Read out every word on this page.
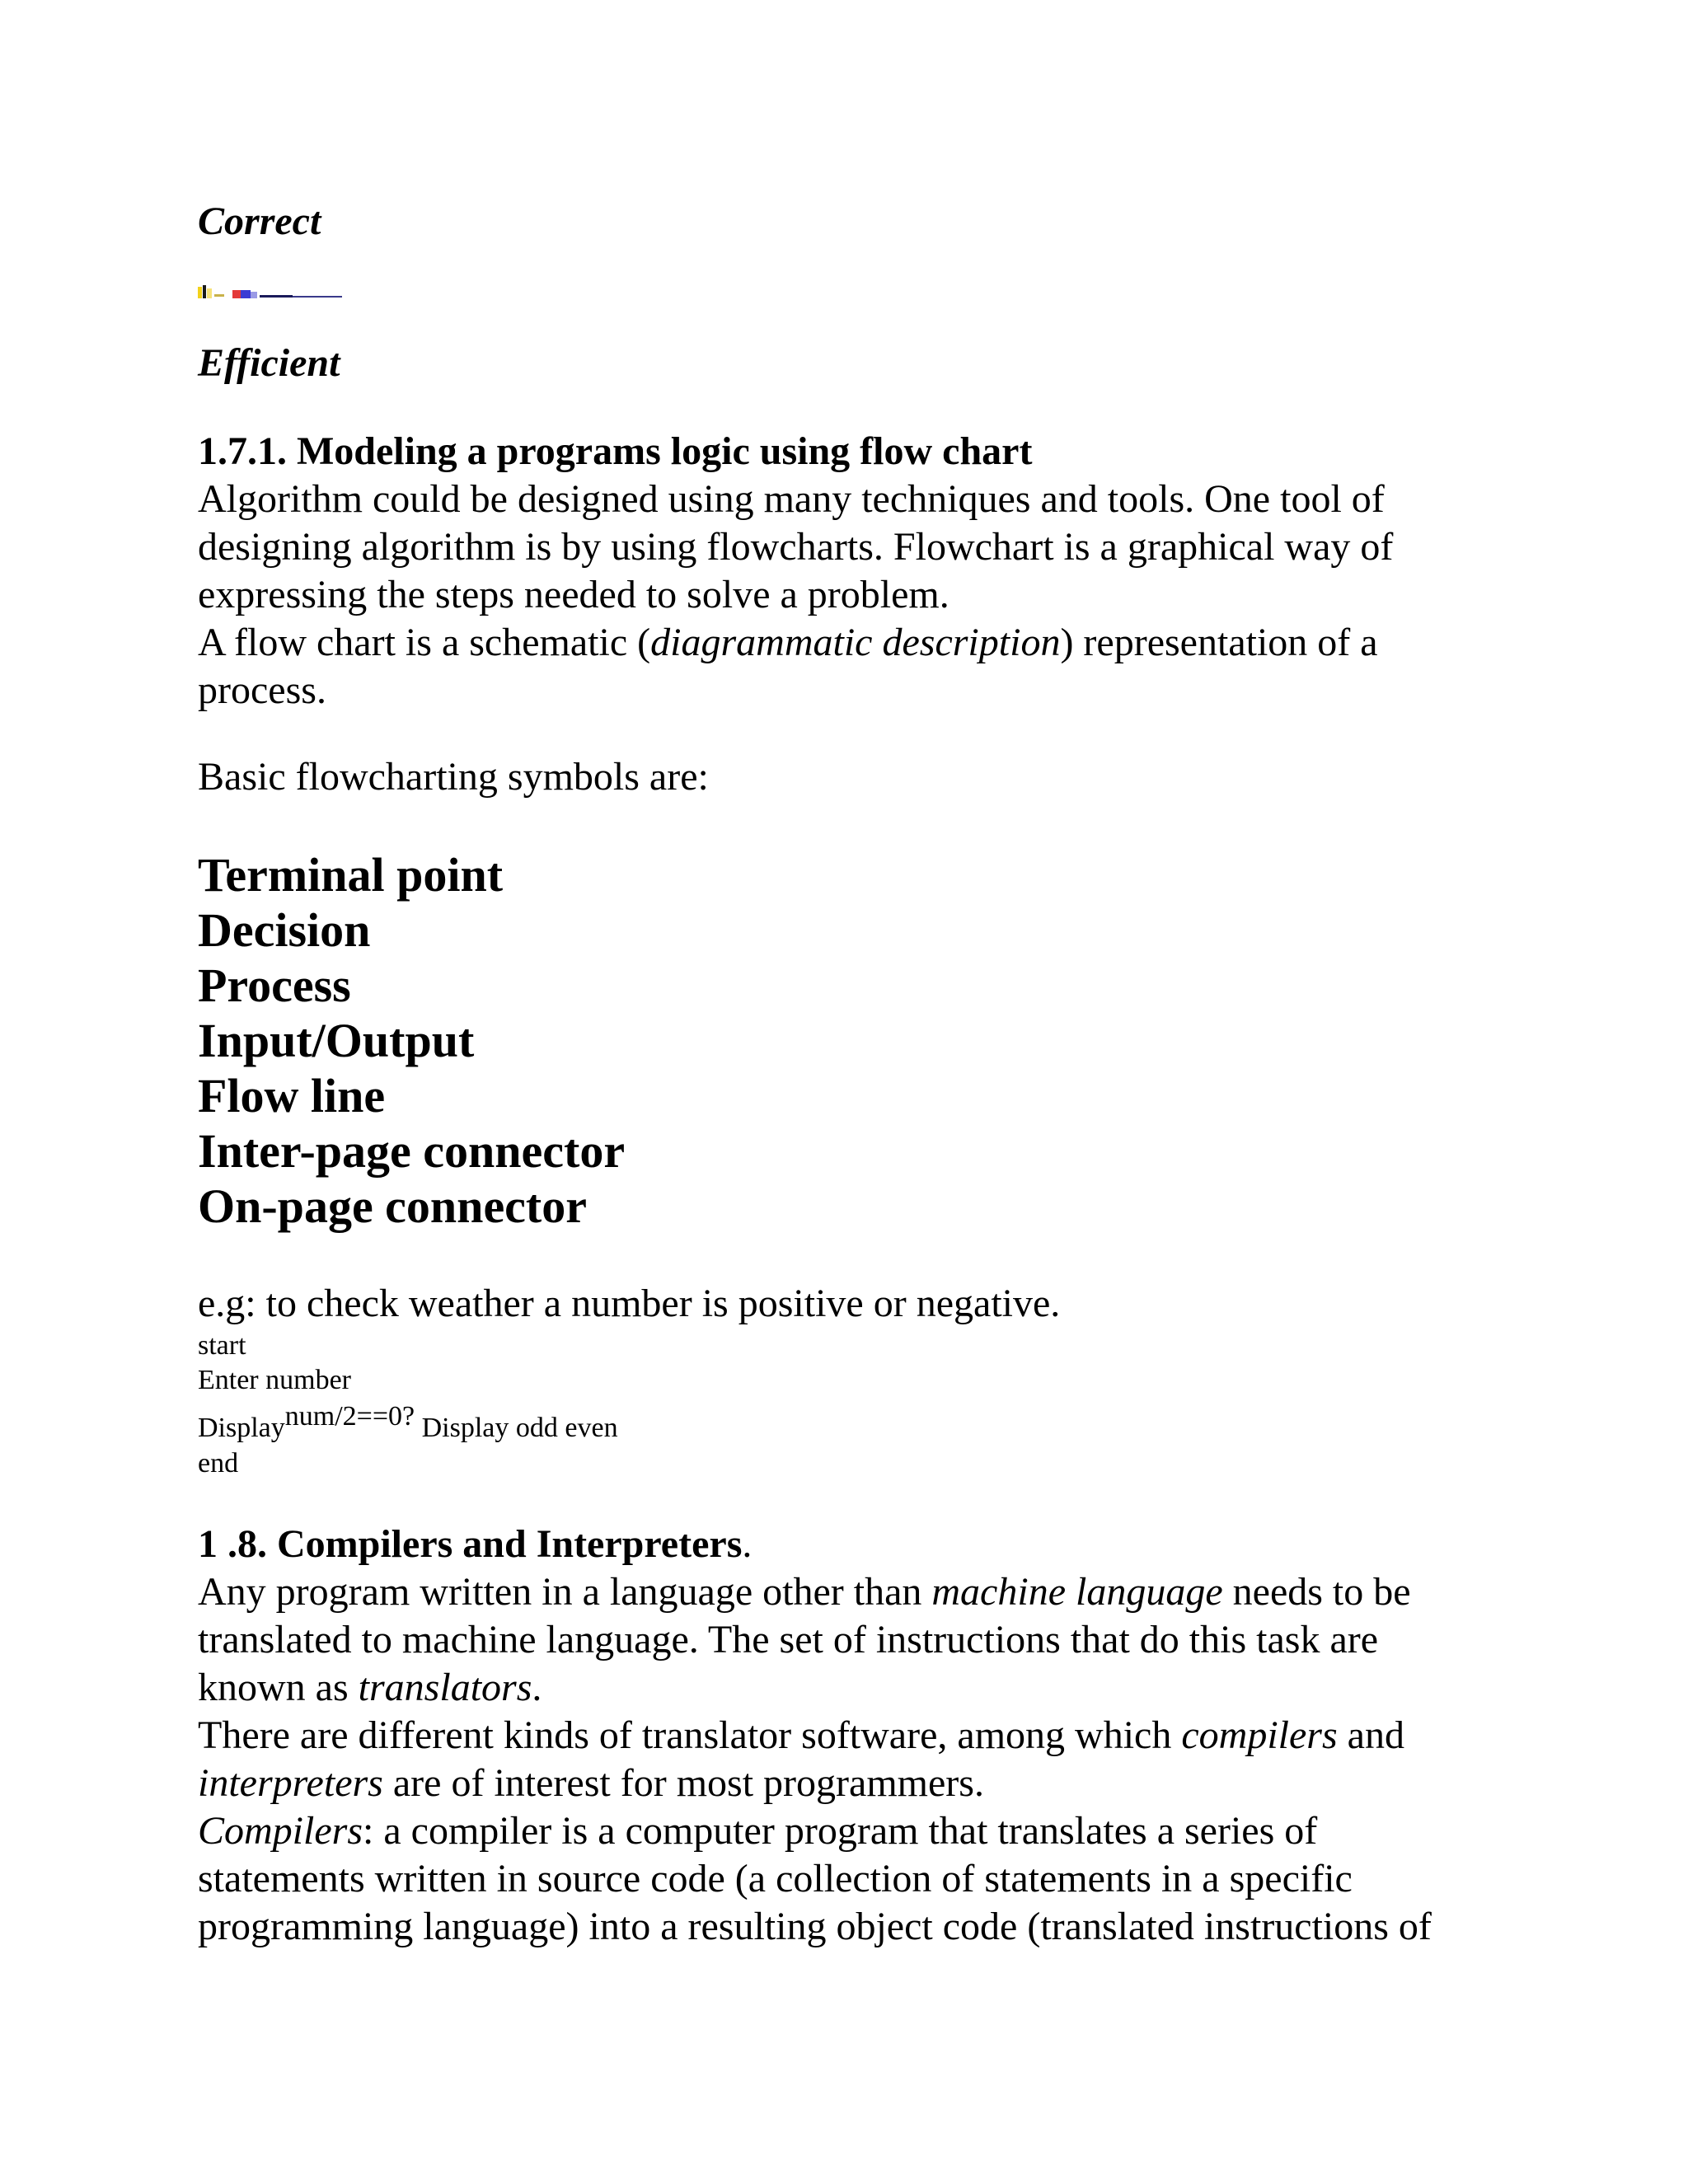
Correct
Efficient
1.7.1. Modeling a programs logic using flow chart
Algorithm could be designed using many techniques and tools. One tool of
designing algorithm is by using flowcharts. Flowchart is a graphical way of
expressing the steps needed to solve a problem.
A flow chart is a schematic (diagrammatic description) representation of a
process.
Basic flowcharting symbols are:
Terminal point
Decision
Process
Input/Output
Flow line
Inter-page connector
On-page connector
e.g: to check weather a number is positive or negative.
start
Enter number
Displaynum/2==0? Display odd even
end
1 .8. Compilers and Interpreters.
Any program written in a language other than machine language needs to be
translated to machine language. The set of instructions that do this task are
known as translators.
There are different kinds of translator software, among which compilers and
interpreters are of interest for most programmers.
Compilers: a compiler is a computer program that translates a series of
statements written in source code (a collection of statements in a specific
programming language) into a resulting object code (translated instructions of
